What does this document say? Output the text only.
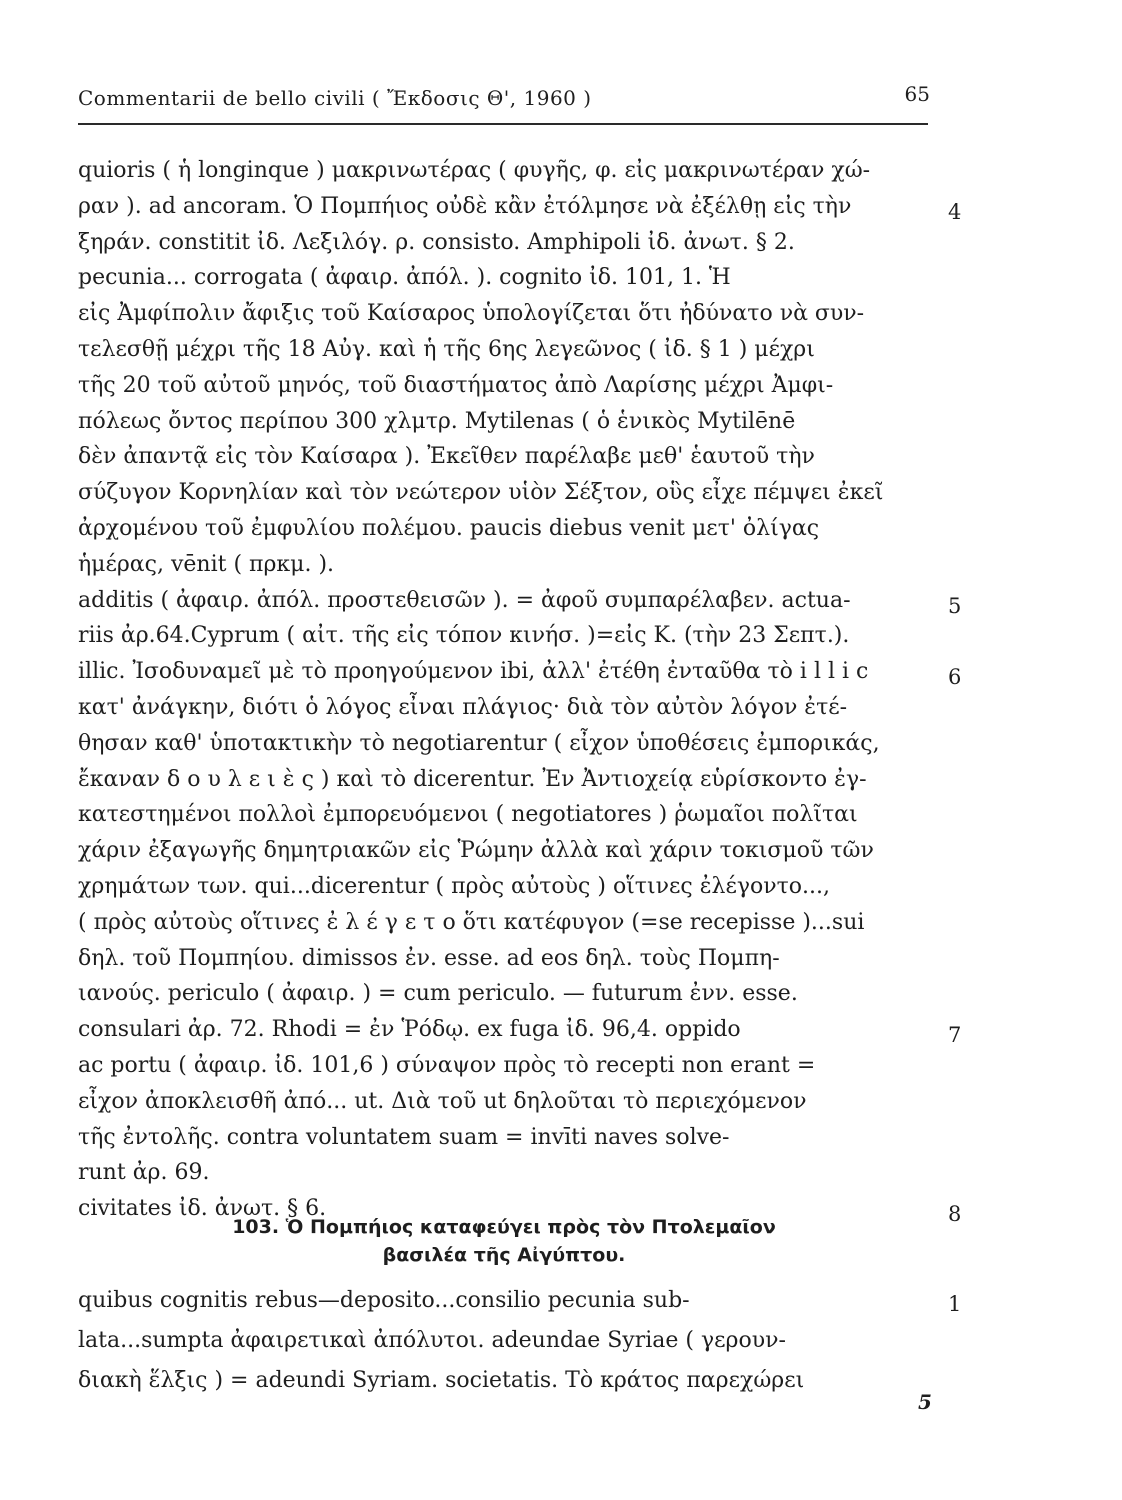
Commentarii de bello civili ( Ἔκδοσις Θ', 1960 )	65
quioris ( ἡ longinque ) μακρινωτέρας ( φυγῆς, φ. εἰς μακρινωτέραν χώ-
ραν ). ad ancoram. Ὁ Πομπήιος οὐδὲ κἂν ἐτόλμησε νὰ ἐξέλθῃ εἰς τὴν
ξηράν. constitit ἰδ. Λεξιλόγ. ρ. consisto. Amphipoli ἰδ. ἀνωτ. § 2.
pecunia... corrogata ( ἀφαιρ. ἀπόλ. ). cognito ἰδ. 101, 1. Ἡ
εἰς Ἀμφίπολιν ἄφιξις τοῦ Καίσαρος ὑπολογίζεται ὅτι ἠδύνατο νὰ συν-
τελεσθῇ μέχρι τῆς 18 Αὐγ. καὶ ἡ τῆς 6ης λεγεῶνος ( ἰδ. § 1 ) μέχρι
τῆς 20 τοῦ αὐτοῦ μηνός, τοῦ διαστήματος ἀπὸ Λαρίσης μέχρι Ἀμφι-
πόλεως ὄντος περίπου 300 χλμτρ. Mytilenas ( ὁ ἑνικὸς Mytilēnē
δὲν ἀπαντᾷ εἰς τὸν Καίσαρα ). Ἐκεῖθεν παρέλαβε μεθ' ἑαυτοῦ τὴν
σύζυγον Κορνηλίαν καὶ τὸν νεώτερον υἱὸν Σέξτον, οὓς εἶχε πέμψει ἐκεῖ
ἀρχομένου τοῦ ἐμφυλίου πολέμου. paucis diebus venit μετ' ὀλίγας
ἡμέρας, vēnit ( πρκμ. ).
additis ( ἀφαιρ. ἀπόλ. προστεθεισῶν ). = ἀφοῦ συμπαρέλαβεν. actua-
riis ἀρ.64.Cyprum ( αἰτ. τῆς εἰς τόπον κινήσ. )=εἰς Κ. (τὴν 23 Σεπτ.).
illic. Ἰσοδυναμεῖ μὲ τὸ προηγούμενον ibi, ἀλλ' ἐτέθη ἐνταῦθα τὸ i l l i c
κατ' ἀνάγκην, διότι ὁ λόγος εἶναι πλάγιος· διὰ τὸν αὐτὸν λόγον ἐτέ-
θησαν καθ' ὑποτακτικὴν τὸ negotiarentur ( εἶχον ὑποθέσεις ἐμπορικάς,
ἔκαναν δ ο υ λ ε ι ὲ ς ) καὶ τὸ dicerentur. Ἐν Ἀντιοχείᾳ εὑρίσκοντο ἐγ-
κατεστημένοι πολλοὶ ἐμπορευόμενοι ( negotiatores ) ῥωμαῖοι πολῖται
χάριν ἐξαγωγῆς δημητριακῶν εἰς Ῥώμην ἀλλὰ καὶ χάριν τοκισμοῦ τῶν
χρημάτων των. qui...dicerentur ( πρὸς αὐτοὺς ) οἵτινες ἐλέγοντο...,
( πρὸς αὐτοὺς οἵτινες ἐ λ έ γ ε τ ο ὅτι κατέφυγον (=se recepisse )...sui
δηλ. τοῦ Πομπηίου. dimissos ἐν. esse. ad eos δηλ. τοὺς Πομπη-
ιανούς. periculo ( ἀφαιρ. ) = cum periculo. — futurum ἐνν. esse.
consulari ἀρ. 72. Rhodi = ἐν Ῥόδῳ. ex fuga ἰδ. 96,4. oppido
ac portu ( ἀφαιρ. ἰδ. 101,6 ) σύναψον πρὸς τὸ recepti non erant =
εἶχον ἀποκλεισθῆ ἀπό... ut. Διὰ τοῦ ut δηλοῦται τὸ περιεχόμενον
τῆς ἐντολῆς. contra voluntatem suam = invīti naves solve-
runt ἀρ. 69.
civitates ἰδ. ἀνωτ. § 6.
4
5
6
7
8
103. Ὁ Πομπήιος καταφεύγει πρὸς τὸν Πτολεμαῖον
βασιλέα τῆς Αἰγύπτου.
quibus cognitis rebus—deposito...consilio pecunia sub-
lata...sumpta ἀφαιρετικαὶ ἀπόλυτοι. adeundae Syriae ( γερουν-
διακὴ ἕλξις ) = adeundi Syriam. societatis. Τὸ κράτος παρεχώρει
1
5
